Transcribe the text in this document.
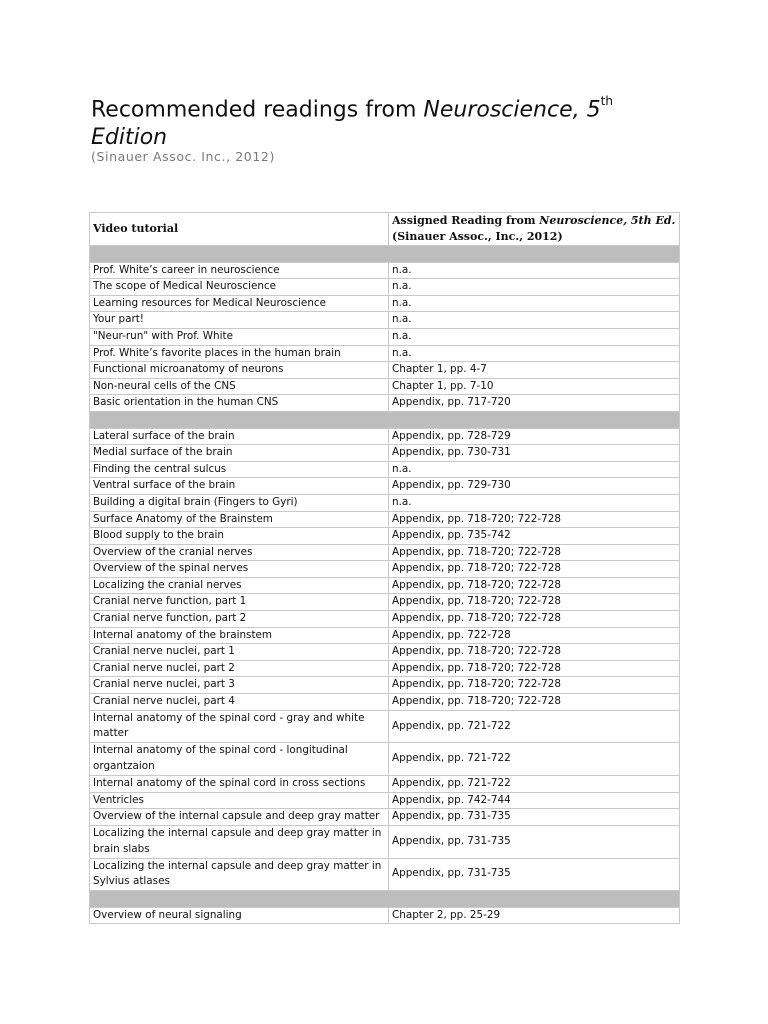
Recommended readings from Neuroscience, 5th
Edition
(Sinauer Assoc. Inc., 2012)
Video tutorial	Assigned Reading from Neuroscience, 5th Ed.
(Sinauer Assoc., Inc., 2012)

Prof. White’s career in neuroscience	n.a.
The scope of Medical Neuroscience	n.a.
Learning resources for Medical Neuroscience	n.a.
Your part!	n.a.
"Neur-run" with Prof. White	n.a.
Prof. White’s favorite places in the human brain	n.a.
Functional microanatomy of neurons	Chapter 1, pp. 4-7
Non-neural cells of the CNS	Chapter 1, pp. 7-10
Basic orientation in the human CNS	Appendix, pp. 717-720

Lateral surface of the brain	Appendix, pp. 728-729
Medial surface of the brain	Appendix, pp. 730-731
Finding the central sulcus	n.a.
Ventral surface of the brain	Appendix, pp. 729-730
Building a digital brain (Fingers to Gyri)	n.a.
Surface Anatomy of the Brainstem	Appendix, pp. 718-720; 722-728
Blood supply to the brain	Appendix, pp. 735-742
Overview of the cranial nerves	Appendix, pp. 718-720; 722-728
Overview of the spinal nerves	Appendix, pp. 718-720; 722-728
Localizing the cranial nerves	Appendix, pp. 718-720; 722-728
Cranial nerve function, part 1	Appendix, pp. 718-720; 722-728
Cranial nerve function, part 2	Appendix, pp. 718-720; 722-728
Internal anatomy of the brainstem	Appendix, pp. 722-728
Cranial nerve nuclei, part 1	Appendix, pp. 718-720; 722-728
Cranial nerve nuclei, part 2	Appendix, pp. 718-720; 722-728
Cranial nerve nuclei, part 3	Appendix, pp. 718-720; 722-728
Cranial nerve nuclei, part 4	Appendix, pp. 718-720; 722-728
Internal anatomy of the spinal cord - gray and white matter	Appendix, pp. 721-722
Internal anatomy of the spinal cord - longitudinal organtzaion	Appendix, pp. 721-722
Internal anatomy of the spinal cord in cross sections	Appendix, pp. 721-722
Ventricles	Appendix, pp. 742-744
Overview of the internal capsule and deep gray matter	Appendix, pp. 731-735
Localizing the internal capsule and deep gray matter in brain slabs	Appendix, pp. 731-735
Localizing the internal capsule and deep gray matter in Sylvius atlases	Appendix, pp. 731-735

Overview of neural signaling	Chapter 2, pp. 25-29
